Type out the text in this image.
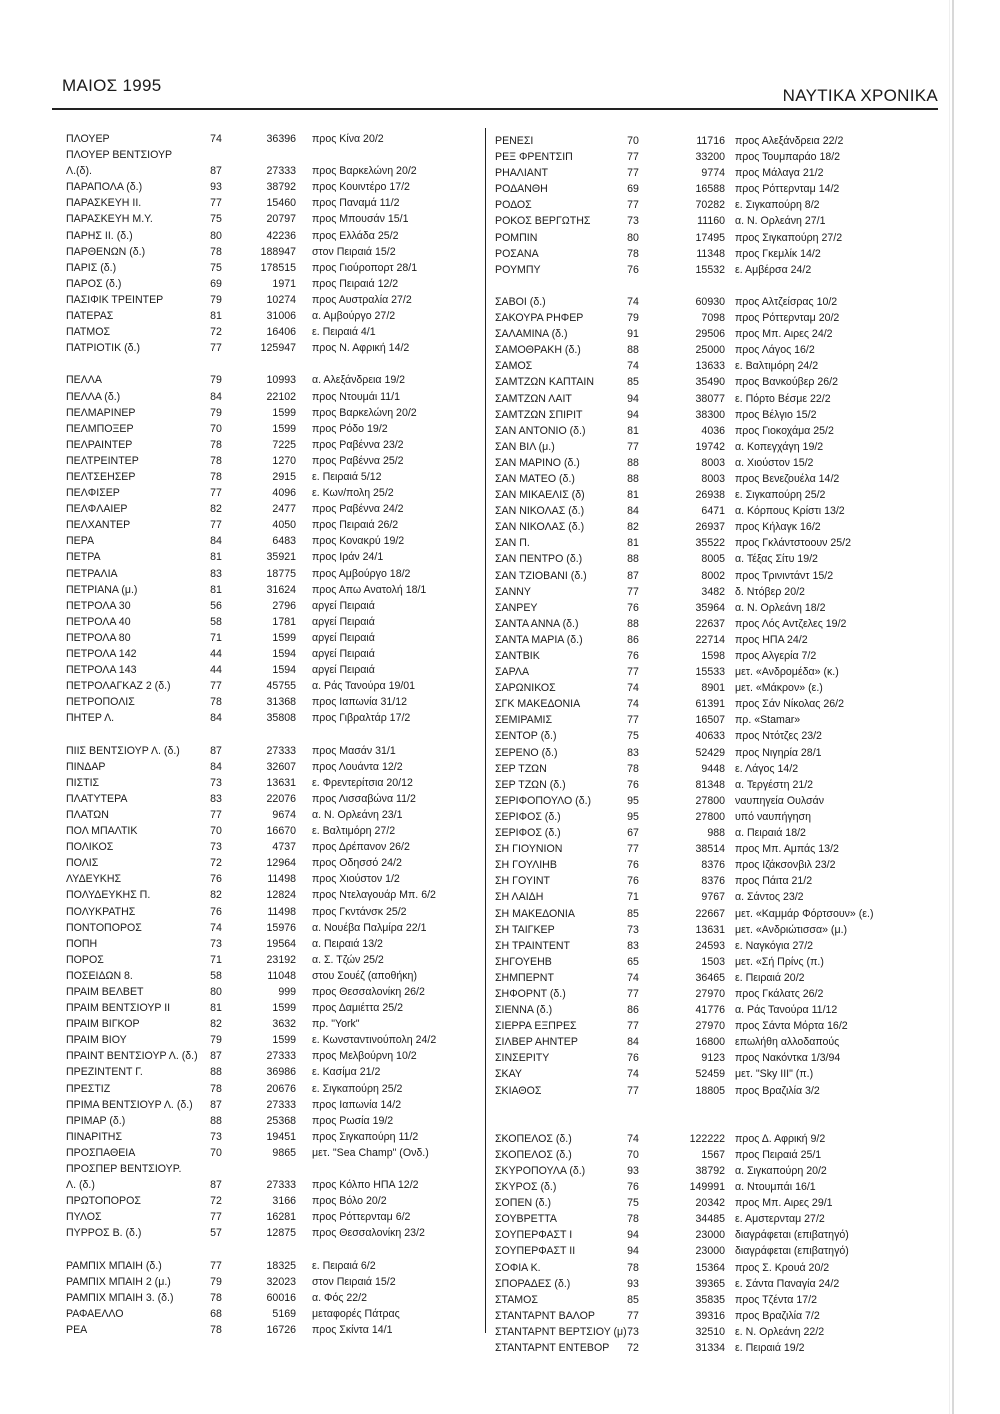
ΜΑΙΟΣ 1995
ΝΑΥΤΙΚΑ ΧΡΟΝΙΚΑ
ΠΛΟΥΕΡ	74	36396 προς Κίνα 20/2
ΠΛΟΥΕΡ ΒΕΝΤΣΙΟΥΡ
Λ.(δ).	87	27333 προς Βαρκελώνη 20/2
ΠΑΡΑΠΟΛΑ (δ.)	93	38792 προς Κουιντέρο 17/2
ΠΑΡΑΣΚΕΥΗ ΙΙ.	77	15460 προς Παναμά 11/2
ΠΑΡΑΣΚΕΥΗ Μ.Υ.	75	20797 προς Μπουσάν 15/1
ΠΑΡΗΣ ΙΙ. (δ.)	80	42236 προς Ελλάδα 25/2
ΠΑΡΘΕΝΩΝ (δ.)	78	188947 στον Πειραιά 15/2
ΠΑΡΙΣ (δ.)	75	178515 προς Γιούροπορτ 28/1
ΠΑΡΟΣ (δ.)	69	1971 προς Πειραιά 12/2
ΠΑΣΙΦΙΚ ΤΡΕΙΝΤΕΡ	79	10274 προς Αυστραλία 27/2
ΠΑΤΕΡΑΣ	81	31006 α. Αμβούργο 27/2
ΠΑΤΜΟΣ	72	16406 ε. Πειραιά 4/1
ΠΑΤΡΙΟΤΙΚ (δ.)	77	125947 προς Ν. Αφρική 14/2
ΠΕΛΛΑ	79	10993 α. Αλεξάνδρεια 19/2
ΠΕΛΛΑ (δ.)	84	22102 προς Ντουμάι 11/1
ΠΕΛΜΑΡΙΝΕΡ	79	1599 προς Βαρκελώνη 20/2
ΠΕΛΜΠΟΞΕΡ	70	1599 προς Ρόδο 19/2
ΠΕΛΡΑΙΝΤΕΡ	78	7225 προς Ραβέννα 23/2
ΠΕΛΤΡΕΙΝΤΕΡ	78	1270 προς Ραβέννα 25/2
ΠΕΛΤΣΕΗΣΕΡ	78	2915 ε. Πειραιά 5/12
ΠΕΛΦΙΣΕΡ	77	4096 ε. Κων/πολη 25/2
ΠΕΛΦΛΑΙΕΡ	82	2477 προς Ραβέννα 24/2
ΠΕΛΧΑΝΤΕΡ	77	4050 προς Πειραιά 26/2
ΠΕΡΑ	84	6483 προς Κονακρύ 19/2
ΠΕΤΡΑ	81	35921 προς Ιράν 24/1
ΠΕΤΡΑΛΙΑ	83	18775 προς Αμβούργο 18/2
ΠΕΤΡΙΑΝΑ (μ.)	81	31624 προς Απω Ανατολή 18/1
ΠΕΤΡΟΛΑ 30	56	2796 αργεί Πειραιά
ΠΕΤΡΟΛΑ 40	58	1781 αργεί Πειραιά
ΠΕΤΡΟΛΑ 80	71	1599 αργεί Πειραιά
ΠΕΤΡΟΛΑ 142	44	1594 αργεί Πειραιά
ΠΕΤΡΟΛΑ 143	44	1594 αργεί Πειραιά
ΠΕΤΡΟΛΑΓΚΑΖ 2 (δ.)	77	45755 α. Ράς Τανούρα 19/01
ΠΕΤΡΟΠΟΛΙΣ	78	31368 προς Ιαπωνία 31/12
ΠΗΤΕΡ Λ.	84	35808 προς Γιβραλτάρ 17/2
ΠΙΙΣ ΒΕΝΤΣΙΟΥΡ Λ. (δ.)	87	27333 προς Μασάν 31/1
ΠΙΝΔΑΡ	84	32607 προς Λουάντα 12/2
ΠΙΣΤΙΣ	73	13631 ε. Φρεντερίτσια 20/12
ΠΛΑΤΥΤΕΡΑ	83	22076 προς Λισσαβώνα 11/2
ΠΛΑΤΩΝ	77	9674 α. Ν. Ορλεάνη 23/1
ΠΟΛ ΜΠΑΛΤΙΚ	70	16670 ε. Βαλτιμόρη 27/2
ΠΟΛΙΚΟΣ	73	4737 προς Δρέπανον 26/2
ΠΟΛΙΣ	72	12964 προς Οδησσό 24/2
ΛΥΔΕΥΚΗΣ	76	11498 προς Χιούστον 1/2
ΠΟΛΥΔΕΥΚΗΣ Π.	82	12824 προς Ντελαγουάρ Μπ. 6/2
ΠΟΛΥΚΡΑΤΗΣ	76	11498 προς Γκντάνσκ 25/2
ΠΟΝΤΟΠΟΡΟΣ	74	15976 α. Νουέβα Παλμίρα 22/1
ΠΟΠΗ	73	19564 α. Πειραιά 13/2
ΠΟΡΟΣ	71	23192 α. Σ. Τζών 25/2
ΠΟΣΕΙΔΩΝ 8.	58	11048 στου Σουέζ (αποθήκη)
ΠΡΑΙΜ ΒΕΛΒΕΤ	80	999 προς Θεσσαλονίκη 26/2
ΠΡΑΙΜ ΒΕΝΤΣΙΟΥΡ ΙΙ	81	1599 προς Δαμιέττα 25/2
ΠΡΑΙΜ ΒΙΓΚΟΡ	82	3632 πρ. "York"
ΠΡΑΙΜ ΒΙΟΥ	79	1599 ε. Κωνσταντινούπολη 24/2
ΠΡΑΙΝΤ ΒΕΝΤΣΙΟΥΡ Λ. (δ.)	87	27333 προς Μελβούρνη 10/2
ΠΡΕΖΙΝΤΕΝΤ Γ.	88	36986 ε. Κασίμα 21/2
ΠΡΕΣΤΙΖ	78	20676 ε. Σιγκαπούρη 25/2
ΠΡΙΜΑ ΒΕΝΤΣΙΟΥΡ Λ. (δ.)	87	27333 προς Ιαπωνία 14/2
ΠΡΙΜΑΡ (δ.)	88	25368 προς Ρωσία 19/2
ΠΙΝΑΡΙΤΗΣ	73	19451 προς Σιγκαπούρη 11/2
ΠΡΟΣΠΑΘΕΙΑ	70	9865 μετ. "Sea Champ" (Ονδ.)
ΠΡΟΣΠΕΡ ΒΕΝΤΣΙΟΥΡ.
Λ. (δ.)	87	27333 προς Κόλπο ΗΠΑ 12/2
ΠΡΩΤΟΠΟΡΟΣ	72	3166 προς Βόλο 20/2
ΠΥΛΟΣ	77	16281 προς Ρόττερνταμ 6/2
ΠΥΡΡΟΣ Β. (δ.)	57	12875 προς Θεσσαλονίκη 23/2
ΡΑΜΠΙΧ ΜΠΑΙΗ (δ.)	77	18325 ε. Πειραιά 6/2
ΡΑΜΠΙΧ ΜΠΑΙΗ 2 (μ.)	79	32023 στον Πειραιά 15/2
ΡΑΜΠΙΧ ΜΠΑΙΗ 3. (δ.)	78	60016 α. Φός 22/2
ΡΑΦΑΕΛΛΟ	68	5169 μεταφορές Πάτρας
ΡΕΑ	78	16726 προς Σκίντα 14/1
ΡΕΝΕΣΙ	70	11716 προς Αλεξάνδρεια 22/2
ΡΕΞ ΦΡΕΝΤΣΙΠ	77	33200 προς Τουμπαράο 18/2
ΡΗΑΛΙΑΝΤ	77	9774 προς Μάλαγα 21/2
ΡΟΔΑΝΘΗ	69	16588 προς Ρόττερνταμ 14/2
ΡΟΔΟΣ	77	70282 ε. Σιγκαπούρη 8/2
ΡΟΚΟΣ ΒΕΡΓΩΤΗΣ	73	11160 α. Ν. Ορλεάνη 27/1
ΡΟΜΠΙΝ	80	17495 προς Σιγκαπούρη 27/2
ΡΟΣΑΝΑ	78	11348 προς Γκεμλίκ 14/2
ΡΟΥΜΠΥ	76	15532 ε. Αμβέρσα 24/2
ΣΑΒΟΙ (δ.)	74	60930 προς Αλτζείσρας 10/2
ΣΑΚΟΥΡΑ ΡΗΦΕΡ	79	7098 προς Ρόττερνταμ 20/2
ΣΑΛΑΜΙΝΑ (δ.)	91	29506 προς Μπ. Αιρες 24/2
ΣΑΜΟΘΡΑΚΗ (δ.)	88	25000 προς Λάγος 16/2
ΣΑΜΟΣ	74	13633 ε. Βαλτιμόρη 24/2
ΣΑΜΤΖΩΝ ΚΑΠΤΑΙΝ	85	35490 προς Βανκούβερ 26/2
ΣΑΜΤΖΩΝ ΛΑΙΤ	94	38077 ε. Πόρτο Βέσμε 22/2
ΣΑΜΤΖΩΝ ΣΠΙΡΙΤ	94	38300 προς Βέλγιο 15/2
ΣΑΝ ΑΝΤΟΝΙΟ (δ.)	81	4036 προς Γιοκοχάμα 25/2
ΣΑΝ ΒΙΛ (μ.)	77	19742 α. Κοπεγχάγη 19/2
ΣΑΝ ΜΑΡΙΝΟ (δ.)	88	8003 α. Χιούστον 15/2
ΣΑΝ ΜΑΤΕΟ (δ.)	88	8003 προς Βενεζουέλα 14/2
ΣΑΝ ΜΙΚΑΕΛΙΣ (δ)	81	26938 ε. Σιγκαπούρη 25/2
ΣΑΝ ΝΙΚΟΛΑΣ (δ.)	84	6471 α. Κόρπους Κρίστι 13/2
ΣΑΝ ΝΙΚΟΛΑΣ (δ.)	82	26937 προς Κήλαγκ 16/2
ΣΑΝ Π.	81	35522 προς Γκλάντστοουν 25/2
ΣΑΝ ΠΕΝΤΡΟ (δ.)	88	8005 α. Τέξας Σίτυ 19/2
ΣΑΝ ΤΖΙΟΒΑΝΙ (δ.)	87	8002 προς Τρινιντάντ 15/2
ΣΑΝΝΥ	77	3482 δ. Ντόβερ 20/2
ΣΑΝΡΕΥ	76	35964 α. Ν. Ορλεάνη 18/2
ΣΑΝΤΑ ΑΝΝΑ (δ.)	88	22637 προς Λός Αντζελες 19/2
ΣΑΝΤΑ ΜΑΡΙΑ (δ.)	86	22714 προς ΗΠΑ 24/2
ΣΑΝΤΒΙΚ	76	1598 προς Αλγερία 7/2
ΣΑΡΛΑ	77	15533 μετ. «Ανδρομέδα» (κ.)
ΣΑΡΩΝΙΚΟΣ	74	8901 μετ. «Μάκρον» (ε.)
ΣΓΚ ΜΑΚΕΔΟΝΙΑ	74	61391 προς Σάν Νίκολας 26/2
ΣΕΜΙΡΑΜΙΣ	77	16507 πρ. «Stamar»
ΣΕΝΤΟΡ (δ.)	75	40633 προς Ντότζες 23/2
ΣΕΡΕΝΟ (δ.)	83	52429 προς Νιγηρία 28/1
ΣΕΡ ΤΖΩΝ	78	9448 ε. Λάγος 14/2
ΣΕΡ ΤΖΩΝ (δ.)	76	81348 α. Τεργέστη 21/2
ΣΕΡΙΦΟΠΟΥΛΟ (δ.)	95	27800 ναυπηγεία Ουλσάν
ΣΕΡΙΦΟΣ (δ.)	95	27800 υπό ναυπήγηση
ΣΕΡΙΦΟΣ (δ.)	67	988 α. Πειραιά 18/2
ΣΗ ΓΙΟΥΝΙΟΝ	77	38514 προς Μπ. Αμπάς 13/2
ΣΗ ΓΟΥΛΙΗΒ	76	8376 προς Ιζάκσονβιλ 23/2
ΣΗ ΓΟΥΙΝΤ	76	8376 προς Πάιτα 21/2
ΣΗ ΛΑΙΔΗ	71	9767 α. Σάντος 23/2
ΣΗ ΜΑΚΕΔΟΝΙΑ	85	22667 μετ. «Καμμάρ Φόρτσουν» (ε.)
ΣΗ ΤΑΙΓΚΕΡ	73	13631 μετ. «Ανδριώτισσα» (μ.)
ΣΗ ΤΡΑΙΝΤΕΝΤ	83	24593 ε. Ναγκόγια 27/2
ΣΗΓΟΥΕΗΒ	65	1503 μετ. «Σή Πρίνς (π.)
ΣΗΜΠΕΡΝΤ	74	36465 ε. Πειραιά 20/2
ΣΗΦΟΡΝΤ (δ.)	77	27970 προς Γκάλατς 26/2
ΣΙΕΝΝΑ (δ.)	86	41776 α. Ράς Τανούρα 11/12
ΣΙΕΡΡΑ ΕΞΠΡΕΣ	77	27970 προς Σάντα Μόρτα 16/2
ΣΙΛΒΕΡ ΑΗΝΤΕΡ	84	16800 επωλήθη αλλοδαπούς
ΣΙΝΣΕΡΙΤΥ	76	9123 προς Νακόντκα 1/3/94
ΣΚΑΥ	74	52459 μετ. "Sky III" (π.)
ΣΚΙΑΘΟΣ	77	18805 προς Βραζιλία 3/2
ΣΚΟΠΕΛΟΣ (δ.)	74	122222 προς Δ. Αφρική 9/2
ΣΚΟΠΕΛΟΣ (δ.)	70	1567 προς Πειραιά 25/1
ΣΚΥΡΟΠΟΥΛΑ (δ.)	93	38792 α. Σιγκαπούρη 20/2
ΣΚΥΡΟΣ (δ.)	76	149991 α. Ντουμπάι 16/1
ΣΟΠΕΝ (δ.)	75	20342 προς Μπ. Αιρες 29/1
ΣΟΥΒΡΕΤΤΑ	78	34485 ε. Αμστερνταμ 27/2
ΣΟΥΠΕΡΦΑΣΤ Ι	94	23000 διαγράφεται (επιβατηγό)
ΣΟΥΠΕΡΦΑΣΤ ΙΙ	94	23000 διαγράφεται (επιβατηγό)
ΣΟΦΙΑ Κ.	78	15364 προς Σ. Κρουά 20/2
ΣΠΟΡΑΔΕΣ (δ.)	93	39365 ε. Σάντα Παναγία 24/2
ΣΤΑΜΟΣ	85	35835 προς Τζέντα 17/2
ΣΤΑΝΤΑΡΝΤ ΒΑΛΟΡ	77	39316 προς Βραζιλία 7/2
ΣΤΑΝΤΑΡΝΤ ΒΕΡΤΣΙΟΥ (μ) 73	32510 ε. Ν. Ορλεάνη 22/2
ΣΤΑΝΤΑΡΝΤ ΕΝΤΕΒΟΡ	72	31334 ε. Πειραιά 19/2
